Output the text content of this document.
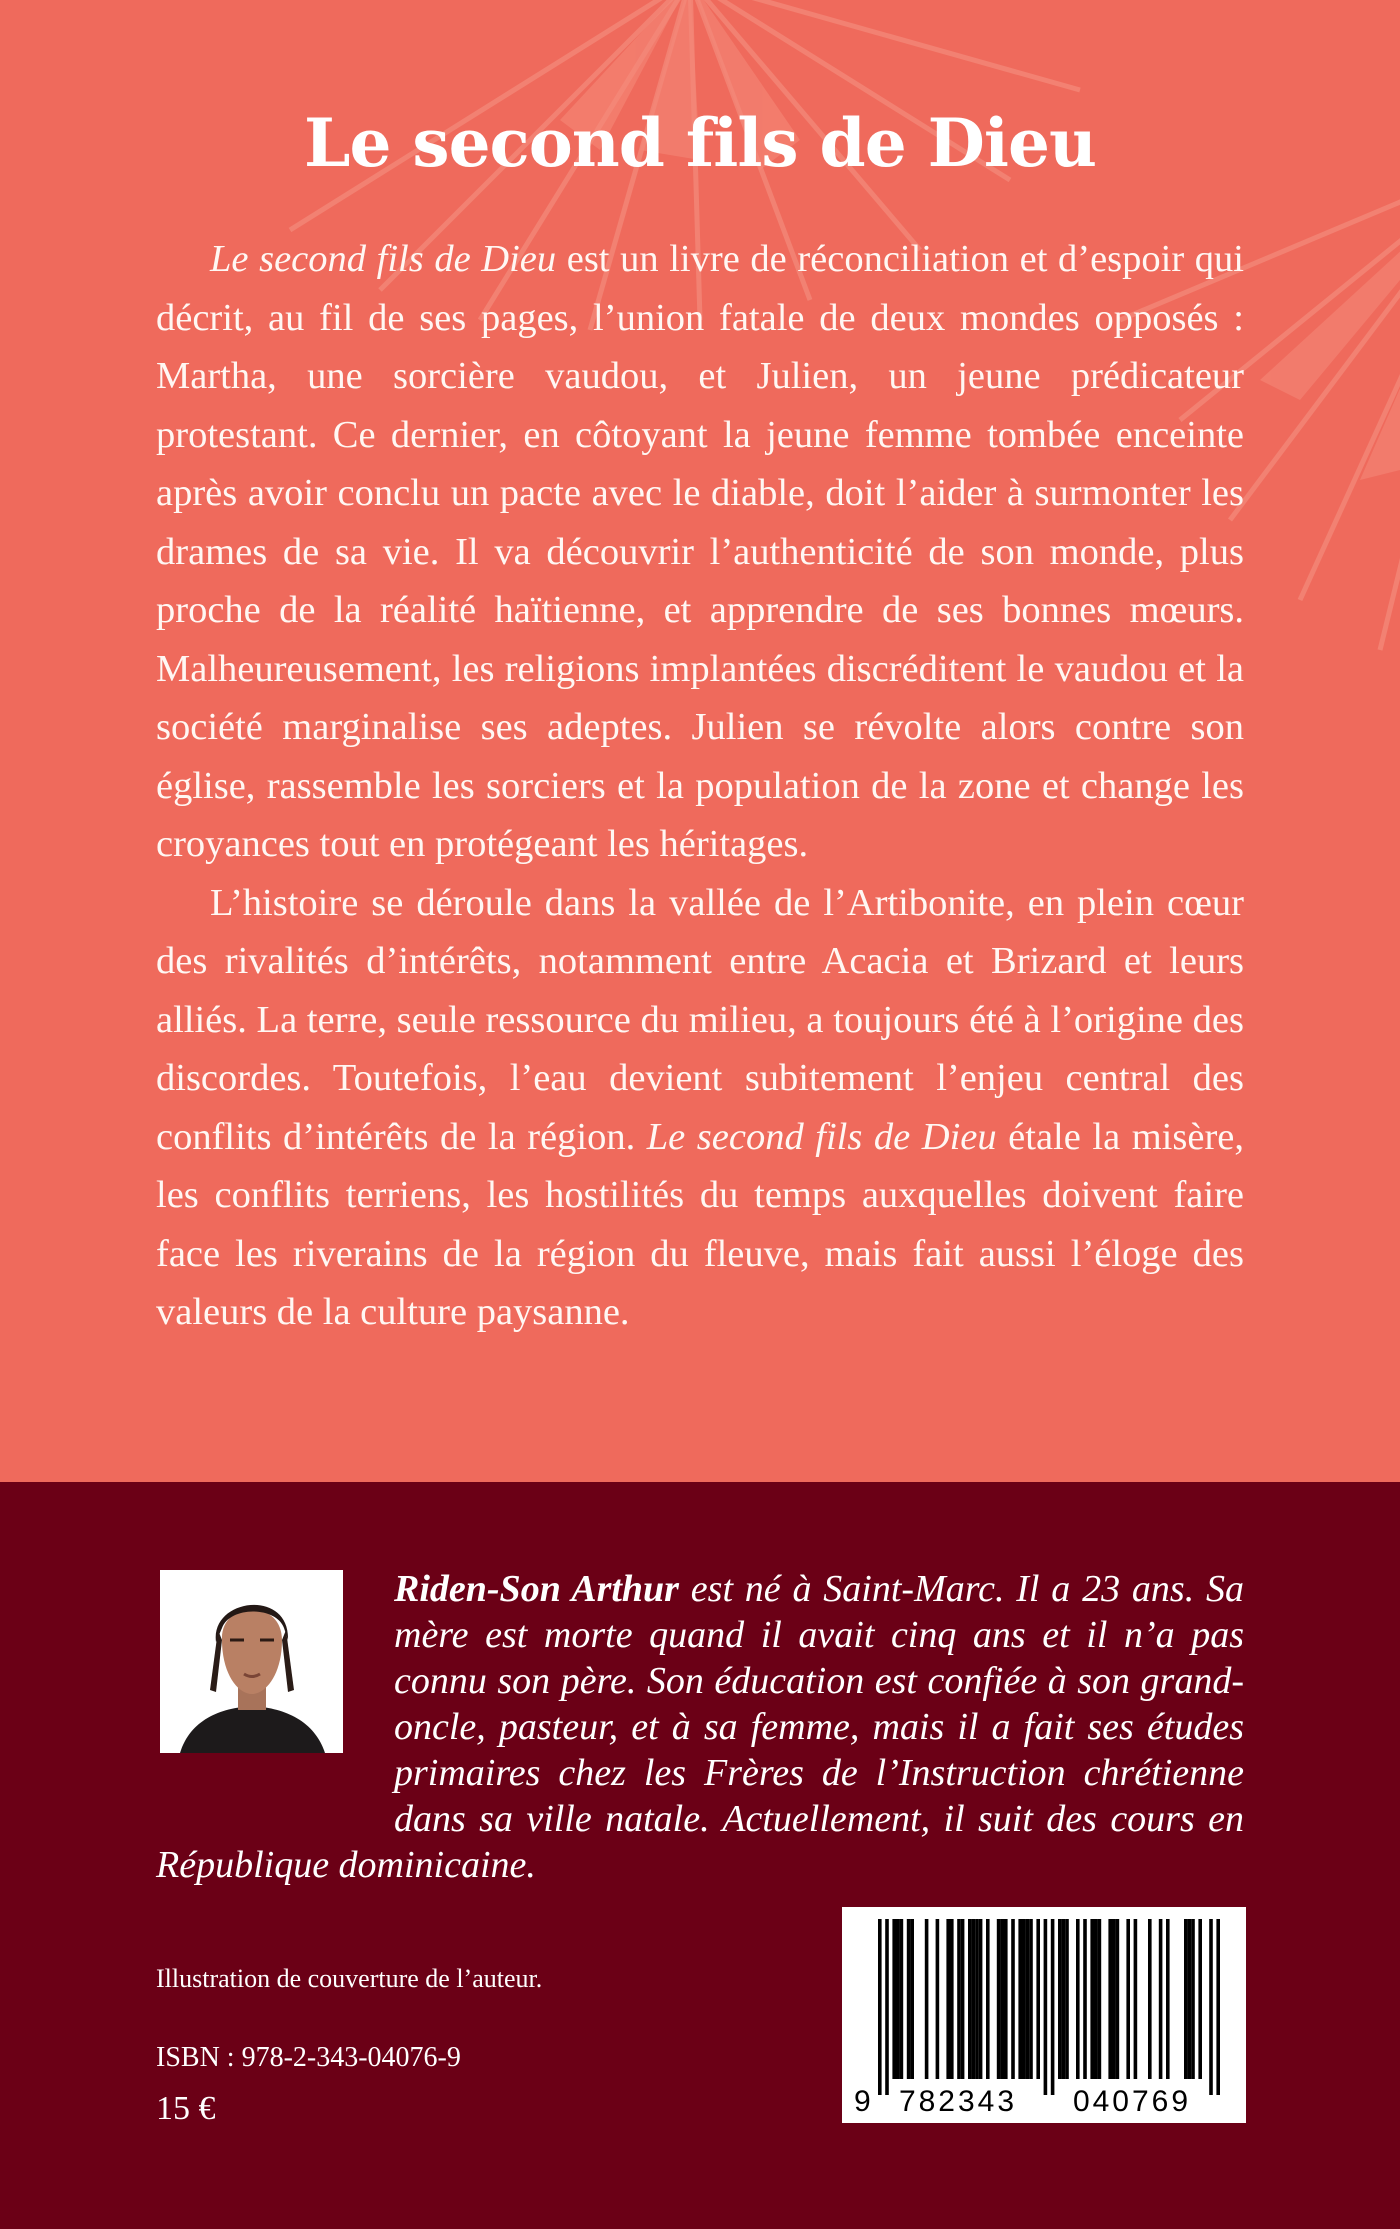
Le second fils de Dieu

Le second fils de Dieu est un livre de réconciliation et d’espoir qui décrit, au fil de ses pages, l’union fatale de deux mondes opposés : Martha, une sorcière vaudou, et Julien, un jeune prédicateur protestant. Ce dernier, en côtoyant la jeune femme tombée enceinte après avoir conclu un pacte avec le diable, doit l’aider à surmonter les drames de sa vie. Il va découvrir l’authenticité de son monde, plus proche de la réalité haïtienne, et apprendre de ses bonnes mœurs. Malheureusement, les religions implantées discréditent le vaudou et la société marginalise ses adeptes. Julien se révolte alors contre son église, rassemble les sorciers et la population de la zone et change les croyances tout en protégeant les héritages.

L’histoire se déroule dans la vallée de l’Artibonite, en plein cœur des rivalités d’intérêts, notamment entre Acacia et Brizard et leurs alliés. La terre, seule ressource du milieu, a toujours été à l’origine des discordes. Toutefois, l’eau devient subitement l’enjeu central des conflits d’intérêts de la région. Le second fils de Dieu étale la misère, les conflits terriens, les hostilités du temps auxquelles doivent faire face les riverains de la région du fleuve, mais fait aussi l’éloge des valeurs de la culture paysanne.

Riden-Son Arthur est né à Saint-Marc. Il a 23 ans. Sa mère est morte quand il avait cinq ans et il n’a pas connu son père. Son éducation est confiée à son grand-oncle, pasteur, et à sa femme, mais il a fait ses études primaires chez les Frères de l’Instruction chrétienne dans sa ville natale. Actuellement, il suit des cours en République dominicaine.

Illustration de couverture de l’auteur.

ISBN : 978-2-343-04076-9

15 €	9 782343 040769
